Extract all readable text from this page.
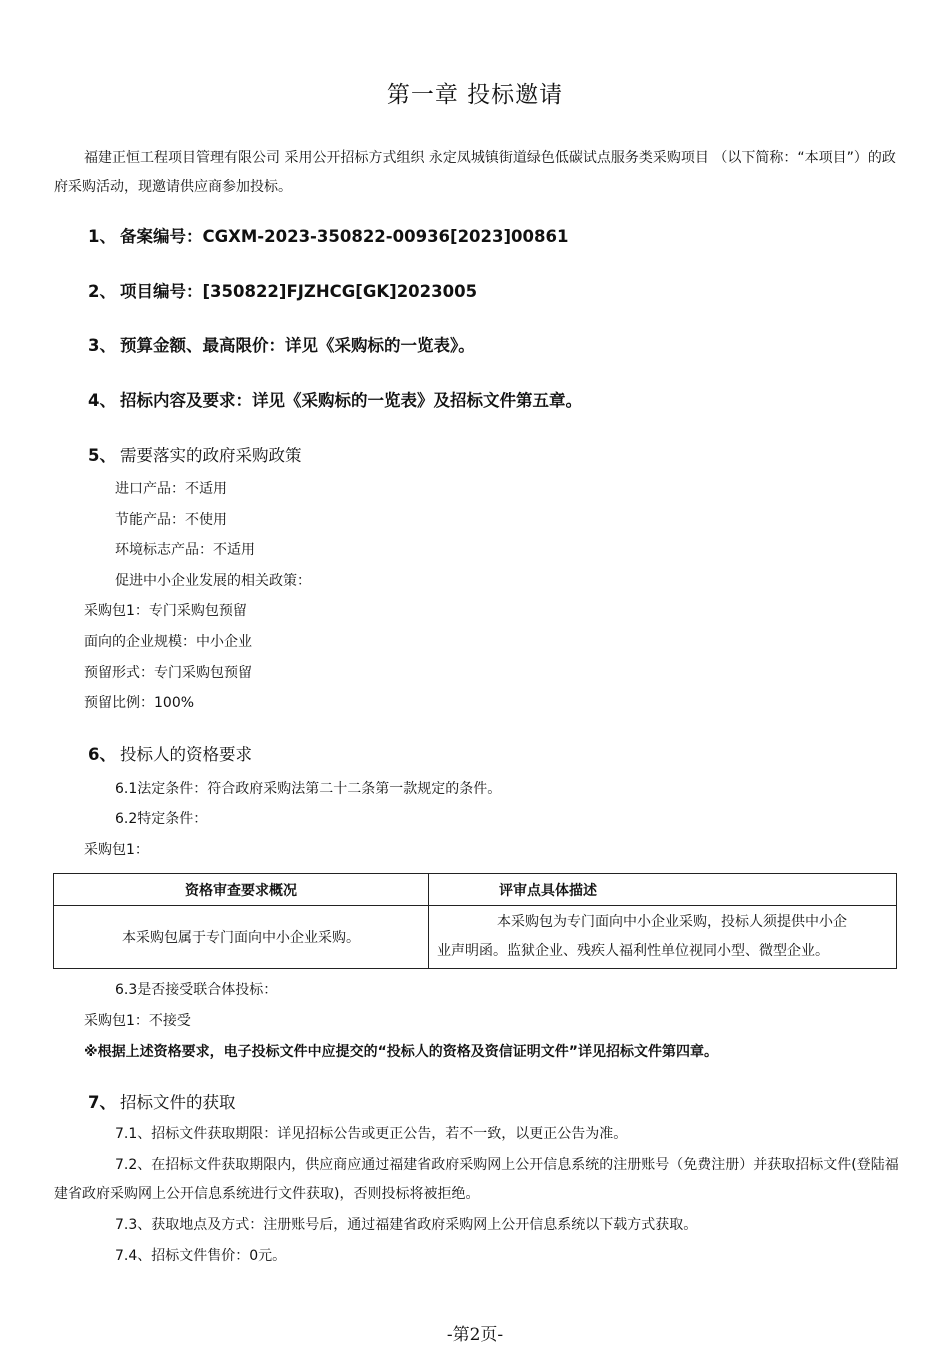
第一章 投标邀请
福建正恒工程项目管理有限公司 采用公开招标方式组织 永定凤城镇街道绿色低碳试点服务类采购项目 （以下简称：“本项目”）的政府采购活动，现邀请供应商参加投标。
1、 备案编号：CGXM-2023-350822-00936[2023]00861
2、 项目编号：[350822]FJZHCG[GK]2023005
3、 预算金额、最高限价：详见《采购标的一览表》。
4、 招标内容及要求：详见《采购标的一览表》及招标文件第五章。
5、 需要落实的政府采购政策
进口产品：不适用
节能产品：不使用
环境标志产品：不适用
促进中小企业发展的相关政策：
采购包1：专门采购包预留
面向的企业规模：中小企业
预留形式：专门采购包预留
预留比例：100%
6、 投标人的资格要求
6.1法定条件：符合政府采购法第二十二条第一款规定的条件。
6.2特定条件：
采购包1：
资格审查要求概况	评审点具体描述
本采购包属于专门面向中小企业采购。	本采购包为专门面向中小企业采购，投标人须提供中小企
业声明函。监狱企业、残疾人福利性单位视同小型、微型企业。
6.3是否接受联合体投标：
采购包1：不接受
※根据上述资格要求，电子投标文件中应提交的“投标人的资格及资信证明文件”详见招标文件第四章。
7、 招标文件的获取
7.1、招标文件获取期限：详见招标公告或更正公告，若不一致，以更正公告为准。
7.2、在招标文件获取期限内，供应商应通过福建省政府采购网上公开信息系统的注册账号（免费注册）并获取招标文件(登陆福建省政府采购网上公开信息系统进行文件获取)，否则投标将被拒绝。
7.3、获取地点及方式：注册账号后，通过福建省政府采购网上公开信息系统以下载方式获取。
7.4、招标文件售价：0元。
-第2页-
